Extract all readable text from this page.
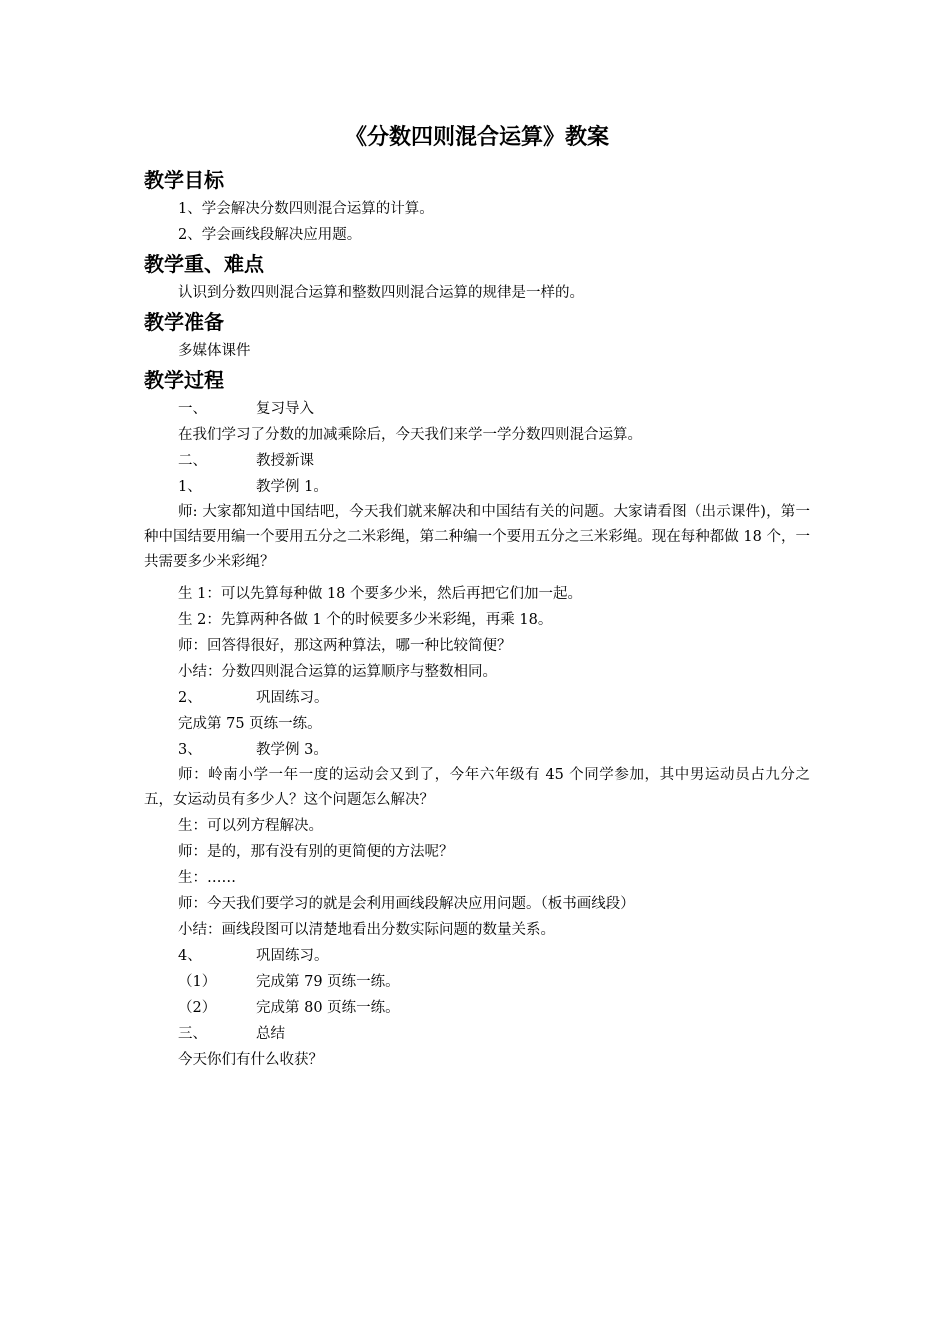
《分数四则混合运算》教案
教学目标

1、学会解决分数四则混合运算的计算。

2、学会画线段解决应用题。

教学重、难点

认识到分数四则混合运算和整数四则混合运算的规律是一样的。

教学准备

多媒体课件

教学过程

一、	复习导入

在我们学习了分数的加减乘除后，今天我们来学一学分数四则混合运算。

二、	教授新课

1、	教学例 1。

师: 大家都知道中国结吧，今天我们就来解决和中国结有关的问题。大家请看图（出示课件)，第一种中国结要用编一个要用五分之二米彩绳，第二种编一个要用五分之三米彩绳。现在每种都做 18 个，一共需要多少米彩绳？

生 1：可以先算每种做 18 个要多少米，然后再把它们加一起。

生 2：先算两种各做 1 个的时候要多少米彩绳，再乘 18。

师：回答得很好，那这两种算法，哪一种比较简便？

小结：分数四则混合运算的运算顺序与整数相同。

2、	巩固练习。

完成第 75 页练一练。

3、	教学例 3。

师：岭南小学一年一度的运动会又到了，今年六年级有 45 个同学参加，其中男运动员占九分之五，女运动员有多少人？这个问题怎么解决？

生：可以列方程解决。

师：是的，那有没有别的更简便的方法呢？

生：……

师：今天我们要学习的就是会利用画线段解决应用问题。（板书画线段）

小结：画线段图可以清楚地看出分数实际问题的数量关系。

4、	巩固练习。

（1）	完成第 79 页练一练。

（2）	完成第 80 页练一练。

三、	总结

今天你们有什么收获？
